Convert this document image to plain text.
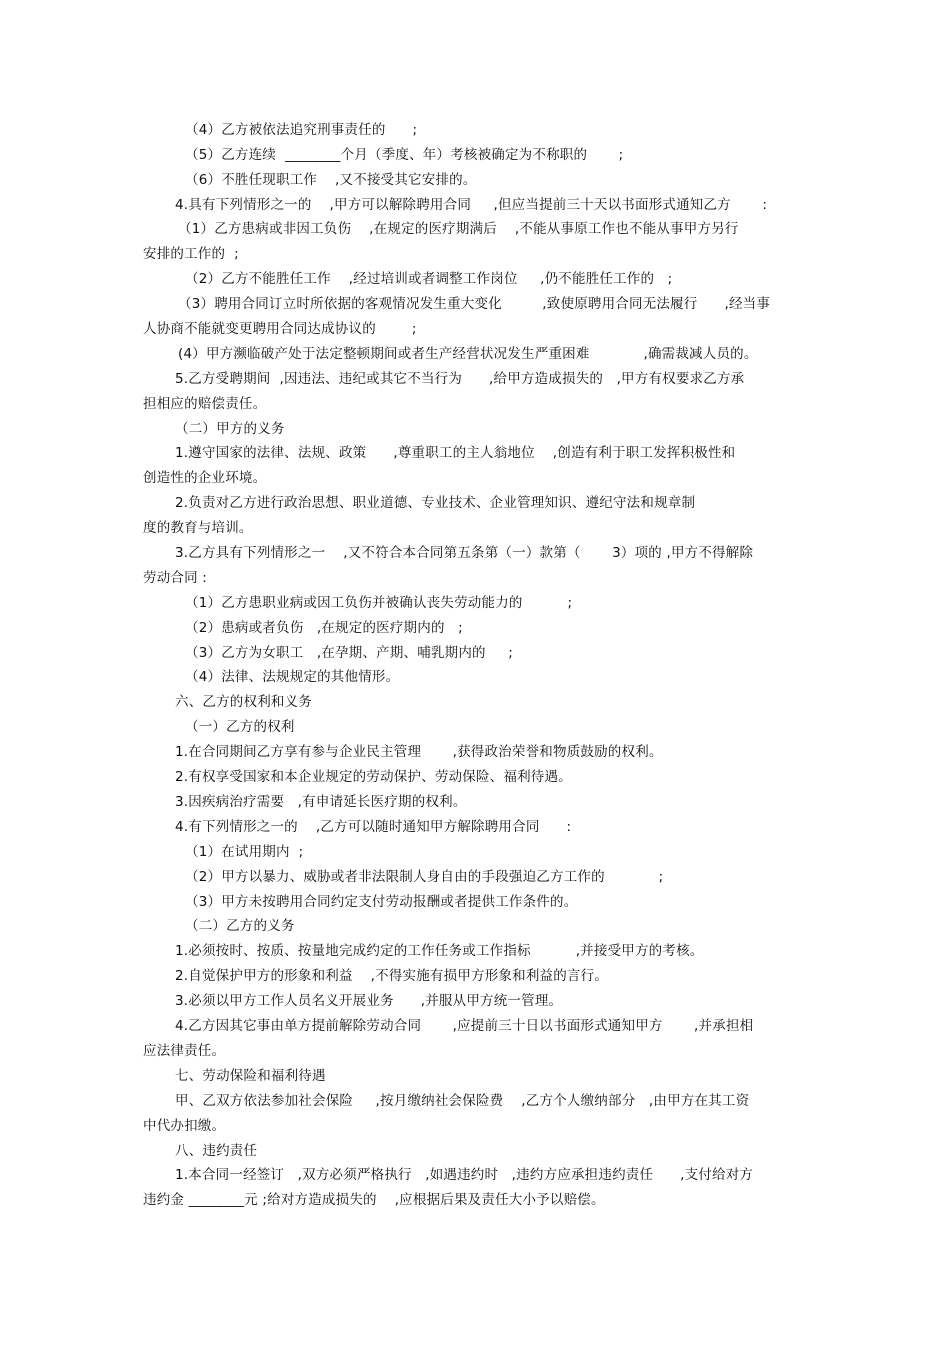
（4）乙方被依法追究刑事责任的      ;
（5）乙方连续  ________个月（季度、年）考核被确定为不称职的       ;
（6）不胜任现职工作    ,又不接受其它安排的。
4.具有下列情形之一的    ,甲方可以解除聘用合同     ,但应当提前三十天以书面形式通知乙方       :
（1）乙方患病或非因工负伤    ,在规定的医疗期满后    ,不能从事原工作也不能从事甲方另行
安排的工作的  ;
（2）乙方不能胜任工作    ,经过培训或者调整工作岗位     ,仍不能胜任工作的   ;
（3）聘用合同订立时所依据的客观情况发生重大变化         ,致使原聘用合同无法履行      ,经当事
人协商不能就变更聘用合同达成协议的        ;
(4）甲方濒临破产处于法定整顿期间或者生产经营状况发生严重困难            ,确需裁减人员的。
5.乙方受聘期间  ,因违法、违纪或其它不当行为      ,给甲方造成损失的   ,甲方有权要求乙方承
担相应的赔偿责任。
（二）甲方的义务
1.遵守国家的法律、法规、政策      ,尊重职工的主人翁地位    ,创造有利于职工发挥积极性和
创造性的企业环境。
2.负责对乙方进行政治思想、职业道德、专业技术、企业管理知识、遵纪守法和规章制
度的教育与培训。
3.乙方具有下列情形之一    ,又不符合本合同第五条第（一）款第（       3）项的 ,甲方不得解除
劳动合同 :
（1）乙方患职业病或因工负伤并被确认丧失劳动能力的          ;
（2）患病或者负伤   ,在规定的医疗期内的   ;
（3）乙方为女职工   ,在孕期、产期、哺乳期内的     ;
（4）法律、法规规定的其他情形。
六、乙方的权利和义务
（一）乙方的权利
1.在合同期间乙方享有参与企业民主管理       ,获得政治荣誉和物质鼓励的权利。
2.有权享受国家和本企业规定的劳动保护、劳动保险、福利待遇。
3.因疾病治疗需要   ,有申请延长医疗期的权利。
4.有下列情形之一的    ,乙方可以随时通知甲方解除聘用合同      :
（1）在试用期内  ;
（2）甲方以暴力、威胁或者非法限制人身自由的手段强迫乙方工作的            ;
（3）甲方未按聘用合同约定支付劳动报酬或者提供工作条件的。
（二）乙方的义务
1.必须按时、按质、按量地完成约定的工作任务或工作指标          ,并接受甲方的考核。
2.自觉保护甲方的形象和利益    ,不得实施有损甲方形象和利益的言行。
3.必须以甲方工作人员名义开展业务      ,并服从甲方统一管理。
4.乙方因其它事由单方提前解除劳动合同       ,应提前三十日以书面形式通知甲方       ,并承担相
应法律责任。
七、劳动保险和福利待遇
甲、乙双方依法参加社会保险     ,按月缴纳社会保险费    ,乙方个人缴纳部分   ,由甲方在其工资
中代办扣缴。
八、违约责任
1.本合同一经签订   ,双方必须严格执行   ,如遇违约时   ,违约方应承担违约责任      ,支付给对方
违约金 ________元 ;给对方造成损失的    ,应根据后果及责任大小予以赔偿。
